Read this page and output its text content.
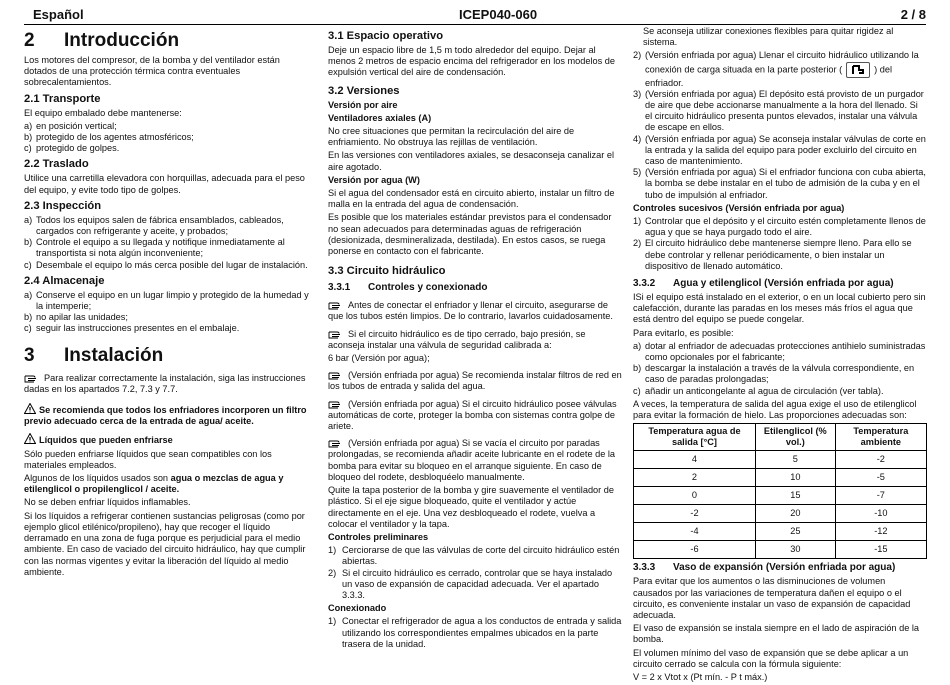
Español	ICEP040-060	2 / 8
2	Introducción

Los motores del compresor, de la bomba y del ventilador están dotados de una protección térmica contra eventuales sobrecalentamientos.

2.1 Transporte

El equipo embalado debe mantenerse:

a) en posición vertical;
b) protegido de los agentes atmosféricos;
c) protegido de golpes.
2.2 Traslado

Utilice una carretilla elevadora con horquillas, adecuada para el peso del equipo, y evite todo tipo de golpes.

2.3 Inspección
a) Todos los equipos salen de fábrica ensamblados, cableados, cargados con refrigerante y aceite, y probados;
b) Controle el equipo a su llegada y notifique inmediatamente al transportista si nota algún inconveniente;
c) Desembale el equipo lo más cerca posible del lugar de instalación.
2.4 Almacenaje
a) Conserve el equipo en un lugar limpio y protegido de la humedad y la intemperie;
b) no apilar las unidades;
c) seguir las instrucciones presentes en el embalaje.
3	Instalación

Para realizar correctamente la instalación, siga las instrucciones dadas en los apartados 7.2, 7.3 y 7.7.

Se recomienda que todos los enfriadores incorporen un filtro previo adecuado cerca de la entrada de agua/ aceite.

Líquidos que pueden enfriarse

Sólo pueden enfriarse líquidos que sean compatibles con los materiales empleados.

Algunos de los líquidos usados son agua o mezclas de agua y etilenglicol o propilenglicol / aceite.

No se deben enfriar líquidos inflamables.

Si los líquidos a refrigerar contienen sustancias peligrosas (como por ejemplo glicol etilénico/propileno), hay que recoger el líquido derramado en una zona de fuga porque es perjudicial para el medio ambiente. En caso de vaciado del circuito hidráulico, hay que cumplir con las normas vigentes y evitar la liberación del líquido al medio ambiente.

3.1 Espacio operativo

Deje un espacio libre de 1,5 m todo alrededor del equipo. Dejar al menos 2 metros de espacio encima del refrigerador en los modelos de expulsión vertical del aire de condensación.

3.2 Versiones

Versión por aire

Ventiladores axiales (A)

No cree situaciones que permitan la recirculación del aire de enfriamiento. No obstruya las rejillas de ventilación.

En las versiones con ventiladores axiales, se desaconseja canalizar el aire agotado.

Versión por agua (W)

Si el agua del condensador está en circuito abierto, instalar un filtro de malla en la entrada del agua de condensación.

Es posible que los materiales estándar previstos para el condensador no sean adecuados para determinadas aguas de refrigeración (desionizada, desmineralizada, destilada). En estos casos, se ruega ponerse en contacto con el fabricante.

3.3 Circuito hidráulico
3.3.1	Controles y conexionado

Antes de conectar el enfriador y llenar el circuito, asegurarse de que los tubos estén limpios. De lo contrario, lavarlos cuidadosamente.

Si el circuito hidráulico es de tipo cerrado, bajo presión, se aconseja instalar una válvula de seguridad calibrada a:

6 bar (Versión por agua);

(Versión enfriada por agua) Se recomienda instalar filtros de red en los tubos de entrada y salida del agua.

(Versión enfriada por agua) Si el circuito hidráulico posee válvulas automáticas de corte, proteger la bomba con sistemas contra golpe de ariete.

(Versión enfriada por agua) Si se vacía el circuito por paradas prolongadas, se recomienda añadir aceite lubricante en el rodete de la bomba para evitar su bloqueo en el arranque siguiente. En caso de bloqueo del rodete, desbloquéelo manualmente.

Quite la tapa posterior de la bomba y gire suavemente el ventilador de plástico. Si el eje sigue bloqueado, quite el ventilador y actúe directamente en el eje. Una vez desbloqueado el rodete, vuelva a colocar el ventilador y la tapa.

Controles preliminares

1) Cerciorarse de que las válvulas de corte del circuito hidráulico estén abiertas.
2) Si el circuito hidráulico es cerrado, controlar que se haya instalado un vaso de expansión de capacidad adecuada. Ver el apartado 3.3.3.

Conexionado

1) Conectar el refrigerador de agua a los conductos de entrada y salida utilizando los correspondientes empalmes ubicados en la parte trasera de la unidad.

Se aconseja utilizar conexiones flexibles para quitar rigidez al sistema.

2) (Versión enfriada por agua) Llenar el circuito hidráulico utilizando la conexión de carga situada en la parte posterior (	) del enfriador.
3) (Versión enfriada por agua) El depósito está provisto de un purgador de aire que debe accionarse manualmente a la hora del llenado. Si el circuito hidráulico presenta puntos elevados, instalar una válvula de escape en ellos.
4) (Versión enfriada por agua) Se aconseja instalar válvulas de corte en la entrada y la salida del equipo para poder excluirlo del circuito en caso de mantenimiento.
5) (Versión enfriada por agua) Si el enfriador funciona con cuba abierta, la bomba se debe instalar en el tubo de admisión de la cuba y en el tubo de impulsión al enfriador.

Controles sucesivos (Versión enfriada por agua)

1) Controlar que el depósito y el circuito estén completamente llenos de agua y que se haya purgado todo el aire.
2) El circuito hidráulico debe mantenerse siempre lleno. Para ello se debe controlar y rellenar periódicamente, o bien instalar un dispositivo de llenado automático.
3.3.2	Agua y etilenglicol (Versión enfriada por agua)

ISi el equipo está instalado en el exterior, o en un local cubierto pero sin calefacción, durante las paradas en los meses más fríos el agua que está dentro del equipo se puede congelar.

Para evitarlo, es posible:

a) dotar al enfriador de adecuadas protecciones antihielo suministradas como opcionales por el fabricante;
b) descargar la instalación a través de la válvula correspondiente, en caso de paradas prolongadas;
c) añadir un anticongelante al agua de circulación (ver tabla).

A veces, la temperatura de salida del agua exige el uso de etilenglicol para evitar la formación de hielo. Las proporciones adecuadas son:

Temperatura agua de salida [°C]	Etilenglicol (% vol.)	Temperatura ambiente
4	5	-2
2	10	-5
0	15	-7
-2	20	-10
-4	25	-12
-6	30	-15
3.3.3	Vaso de expansión (Versión enfriada por agua)

Para evitar que los aumentos o las disminuciones de volumen causados por las variaciones de temperatura dañen el equipo o el circuito, es conveniente instalar un vaso de expansión de capacidad adecuada.

El vaso de expansión se instala siempre en el lado de aspiración de la bomba.

El volumen mínimo del vaso de expansión que se debe aplicar a un circuito cerrado se calcula con la fórmula siguiente:

V = 2 x Vtot x (Pt mín. - P t máx.)
